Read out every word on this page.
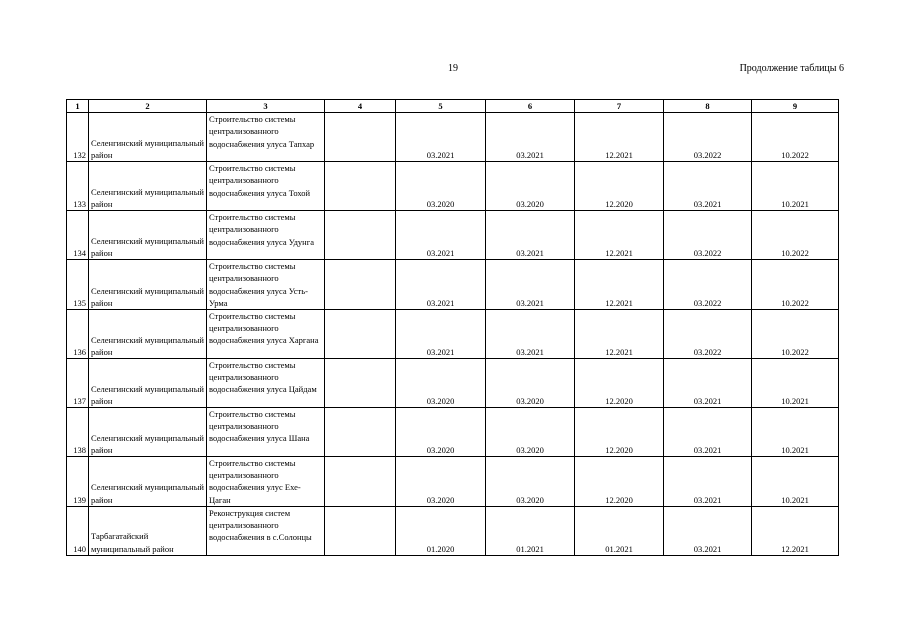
19	Продолжение таблицы 6
1	2	3	4	5	6	7	8	9
132	Селенгинский муниципальный район	Строительство системы централизованного водоснабжения улуса Тапхар		03.2021	03.2021	12.2021	03.2022	10.2022
133	Селенгинский муниципальный район	Строительство системы централизованного водоснабжения улуса Тохой		03.2020	03.2020	12.2020	03.2021	10.2021
134	Селенгинский муниципальный район	Строительство системы централизованного водоснабжения улуса Удунга		03.2021	03.2021	12.2021	03.2022	10.2022
135	Селенгинский муниципальный район	Строительство системы централизованного водоснабжения улуса Усть-Урма		03.2021	03.2021	12.2021	03.2022	10.2022
136	Селенгинский муниципальный район	Строительство системы централизованного водоснабжения улуса Харгана		03.2021	03.2021	12.2021	03.2022	10.2022
137	Селенгинский муниципальный район	Строительство системы централизованного водоснабжения улуса Цайдам		03.2020	03.2020	12.2020	03.2021	10.2021
138	Селенгинский муниципальный район	Строительство системы централизованного водоснабжения улуса Шана		03.2020	03.2020	12.2020	03.2021	10.2021
139	Селенгинский муниципальный район	Строительство системы централизованного водоснабжения улус Ехе-Цаган		03.2020	03.2020	12.2020	03.2021	10.2021
140	Тарбагатайский муниципальный район	Реконструкция систем централизованного водоснабжения в с.Солонцы		01.2020	01.2021	01.2021	03.2021	12.2021
